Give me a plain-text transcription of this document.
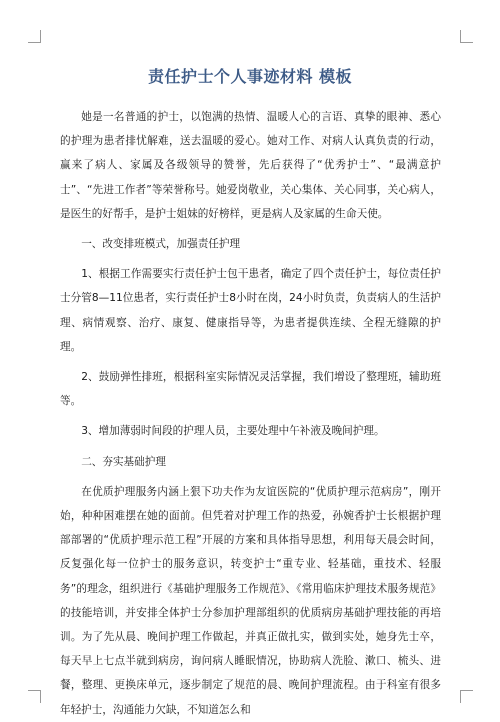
责任护士个人事迹材料 模板

她是一名普通的护士，以饱满的热情、温暖人心的言语、真挚的眼神、悉心的护理为患者排忧解难，送去温暖的爱心。她对工作、对病人认真负责的行动，赢来了病人、家属及各级领导的赞誉，先后获得了“优秀护士”、“最满意护士”、“先进工作者”等荣誉称号。她爱岗敬业，关心集体、关心同事，关心病人，是医生的好帮手，是护士姐妹的好榜样，更是病人及家属的生命天使。

一、改变排班模式，加强责任护理

1、根据工作需要实行责任护士包干患者，确定了四个责任护士，每位责任护士分管8—11位患者，实行责任护士8小时在岗，24小时负责，负责病人的生活护理、病情观察、治疗、康复、健康指导等，为患者提供连续、全程无缝隙的护理。

2、鼓励弹性排班，根据科室实际情况灵活掌握，我们增设了整理班，辅助班等。

3、增加薄弱时间段的护理人员，主要处理中午补液及晚间护理。

二、夯实基础护理

在优质护理服务内涵上狠下功夫作为友谊医院的“优质护理示范病房”，刚开始，种种困难摆在她的面前。但凭着对护理工作的热爱，孙婉香护士长根据护理部部署的“优质护理示范工程”开展的方案和具体指导思想，利用每天晨会时间，反复强化每一位护士的服务意识，转变护士“重专业、轻基础，重技术、轻服务”的理念，组织进行《基础护理服务工作规范》、《常用临床护理技术服务规范》的技能培训，并安排全体护士分参加护理部组织的优质病房基础护理技能的再培训。为了先从晨、晚间护理工作做起，并真正做扎实，做到实处，她身先士卒，每天早上七点半就到病房，询问病人睡眠情况，协助病人洗脸、漱口、梳头、进餐，整理、更换床单元，逐步制定了规范的晨、晚间护理流程。由于科室有很多年轻护士，沟通能力欠缺，不知道怎么和
